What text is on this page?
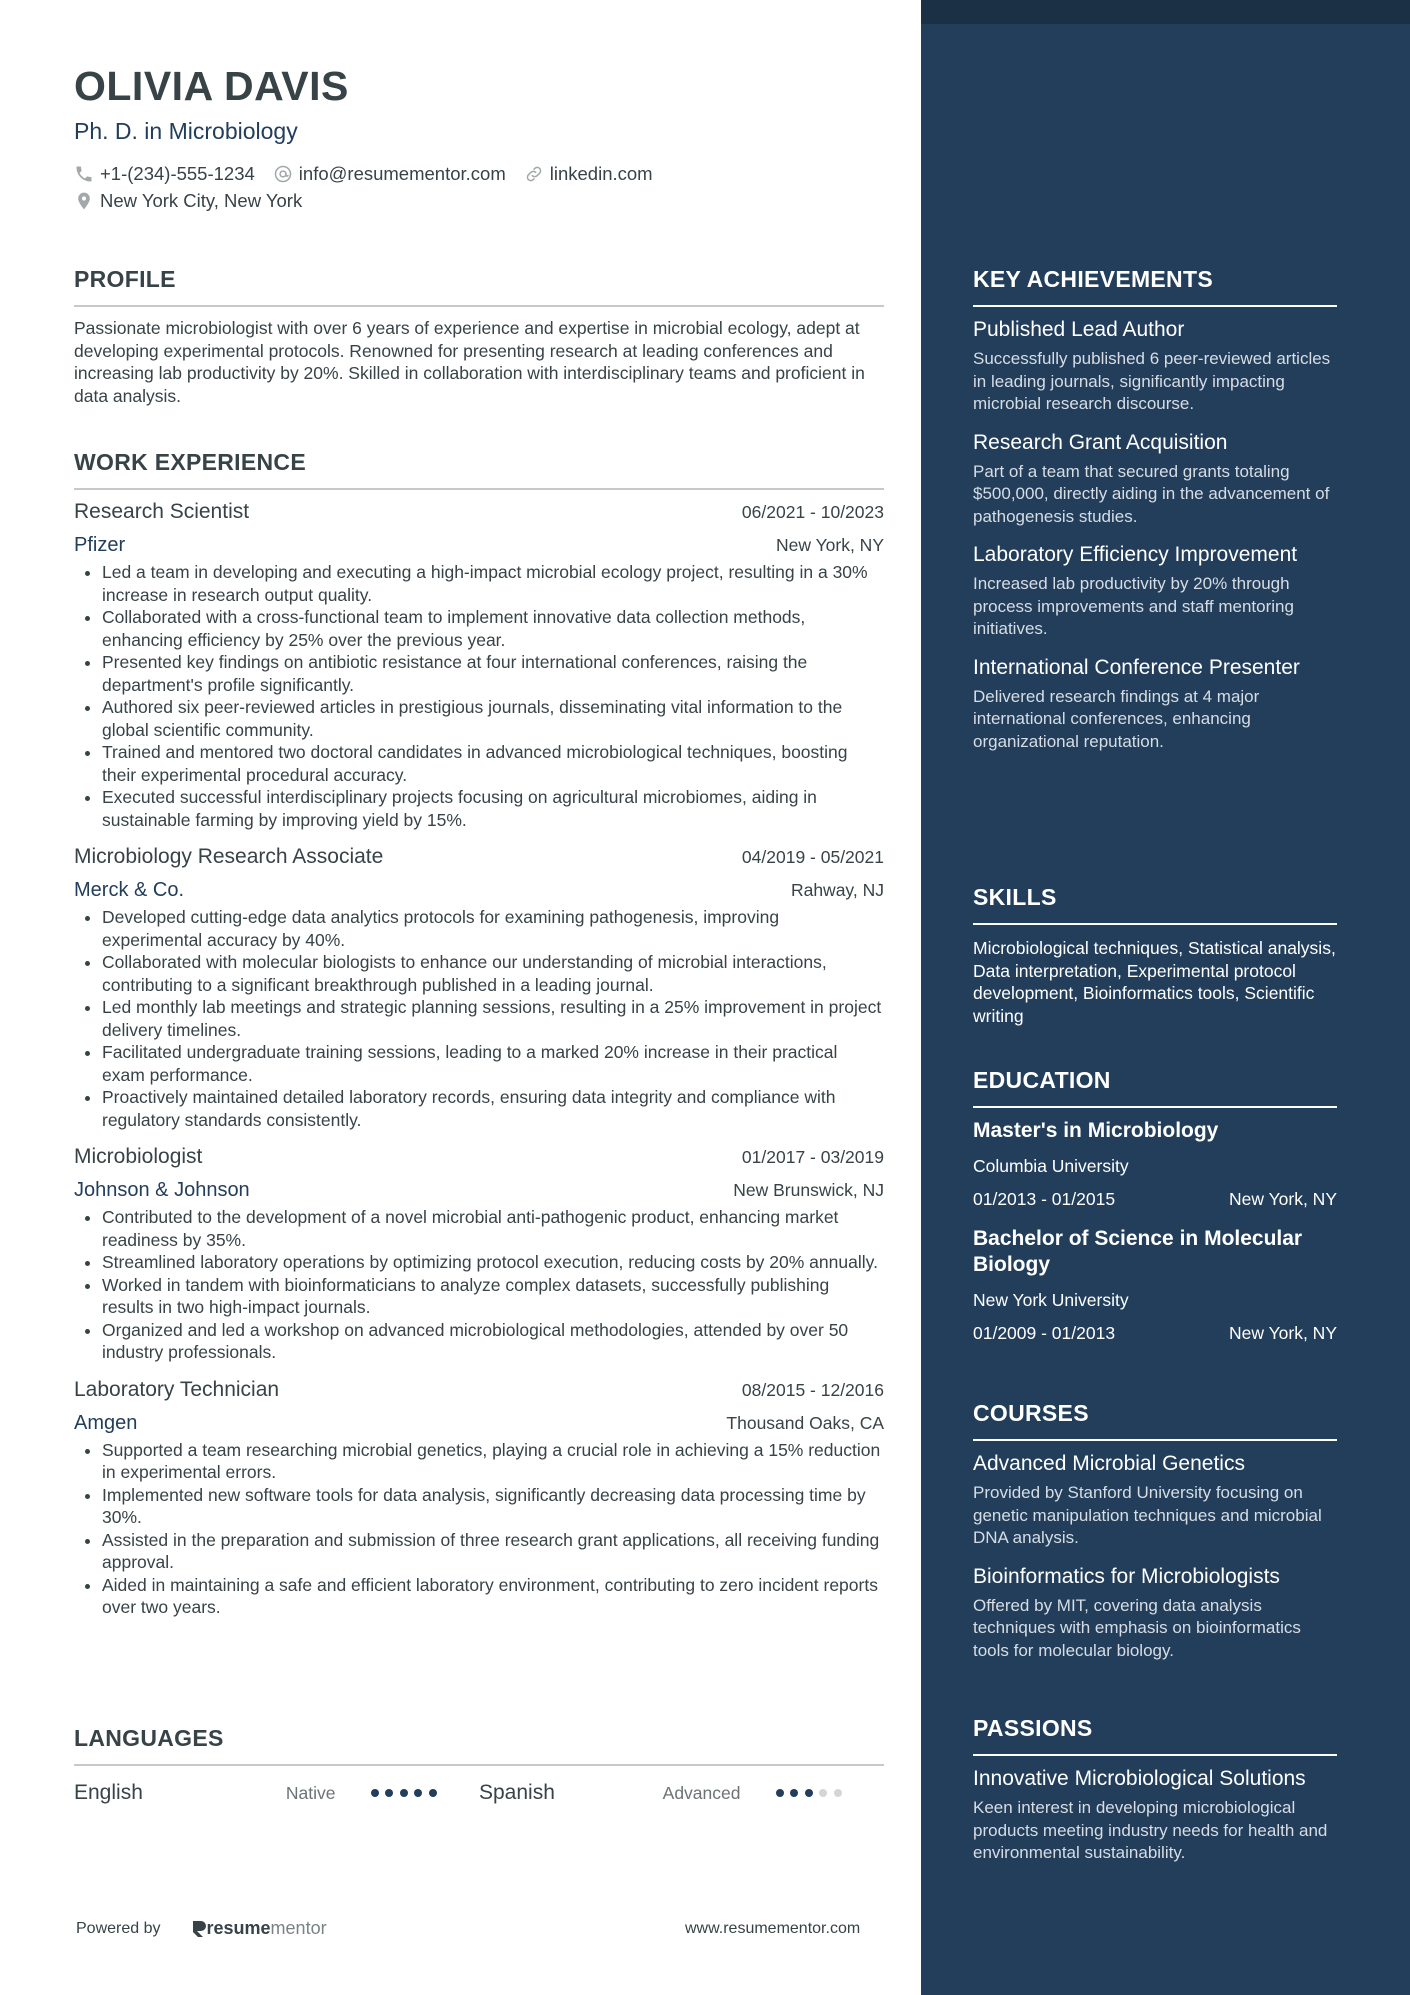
OLIVIA DAVIS
Ph. D. in Microbiology
+1-(234)-555-1234 info@resumementor.com linkedin.com
New York City, New York
PROFILE
Passionate microbiologist with over 6 years of experience and expertise in microbial ecology, adept at developing experimental protocols. Renowned for presenting research at leading conferences and increasing lab productivity by 20%. Skilled in collaboration with interdisciplinary teams and proficient in data analysis.
WORK EXPERIENCE
Research Scientist	06/2021 - 10/2023
Pfizer	New York, NY
• Led a team in developing and executing a high-impact microbial ecology project, resulting in a 30% increase in research output quality.
• Collaborated with a cross-functional team to implement innovative data collection methods, enhancing efficiency by 25% over the previous year.
• Presented key findings on antibiotic resistance at four international conferences, raising the department's profile significantly.
• Authored six peer-reviewed articles in prestigious journals, disseminating vital information to the global scientific community.
• Trained and mentored two doctoral candidates in advanced microbiological techniques, boosting their experimental procedural accuracy.
• Executed successful interdisciplinary projects focusing on agricultural microbiomes, aiding in sustainable farming by improving yield by 15%.
Microbiology Research Associate	04/2019 - 05/2021
Merck & Co.	Rahway, NJ
• Developed cutting-edge data analytics protocols for examining pathogenesis, improving experimental accuracy by 40%.
• Collaborated with molecular biologists to enhance our understanding of microbial interactions, contributing to a significant breakthrough published in a leading journal.
• Led monthly lab meetings and strategic planning sessions, resulting in a 25% improvement in project delivery timelines.
• Facilitated undergraduate training sessions, leading to a marked 20% increase in their practical exam performance.
• Proactively maintained detailed laboratory records, ensuring data integrity and compliance with regulatory standards consistently.
Microbiologist	01/2017 - 03/2019
Johnson & Johnson	New Brunswick, NJ
• Contributed to the development of a novel microbial anti-pathogenic product, enhancing market readiness by 35%.
• Streamlined laboratory operations by optimizing protocol execution, reducing costs by 20% annually.
• Worked in tandem with bioinformaticians to analyze complex datasets, successfully publishing results in two high-impact journals.
• Organized and led a workshop on advanced microbiological methodologies, attended by over 50 industry professionals.
Laboratory Technician	08/2015 - 12/2016
Amgen	Thousand Oaks, CA
• Supported a team researching microbial genetics, playing a crucial role in achieving a 15% reduction in experimental errors.
• Implemented new software tools for data analysis, significantly decreasing data processing time by 30%.
• Assisted in the preparation and submission of three research grant applications, all receiving funding approval.
• Aided in maintaining a safe and efficient laboratory environment, contributing to zero incident reports over two years.
LANGUAGES
English	Native	Spanish	Advanced
Powered by	resume mentor	www.resumementor.com
KEY ACHIEVEMENTS
Published Lead Author
Successfully published 6 peer-reviewed articles in leading journals, significantly impacting microbial research discourse.
Research Grant Acquisition
Part of a team that secured grants totaling $500,000, directly aiding in the advancement of pathogenesis studies.
Laboratory Efficiency Improvement
Increased lab productivity by 20% through process improvements and staff mentoring initiatives.
International Conference Presenter
Delivered research findings at 4 major international conferences, enhancing organizational reputation.
SKILLS
Microbiological techniques, Statistical analysis, Data interpretation, Experimental protocol development, Bioinformatics tools, Scientific writing
EDUCATION
Master's in Microbiology
Columbia University
01/2013 - 01/2015	New York, NY
Bachelor of Science in Molecular Biology
New York University
01/2009 - 01/2013	New York, NY
COURSES
Advanced Microbial Genetics
Provided by Stanford University focusing on genetic manipulation techniques and microbial DNA analysis.
Bioinformatics for Microbiologists
Offered by MIT, covering data analysis techniques with emphasis on bioinformatics tools for molecular biology.
PASSIONS
Innovative Microbiological Solutions
Keen interest in developing microbiological products meeting industry needs for health and environmental sustainability.
